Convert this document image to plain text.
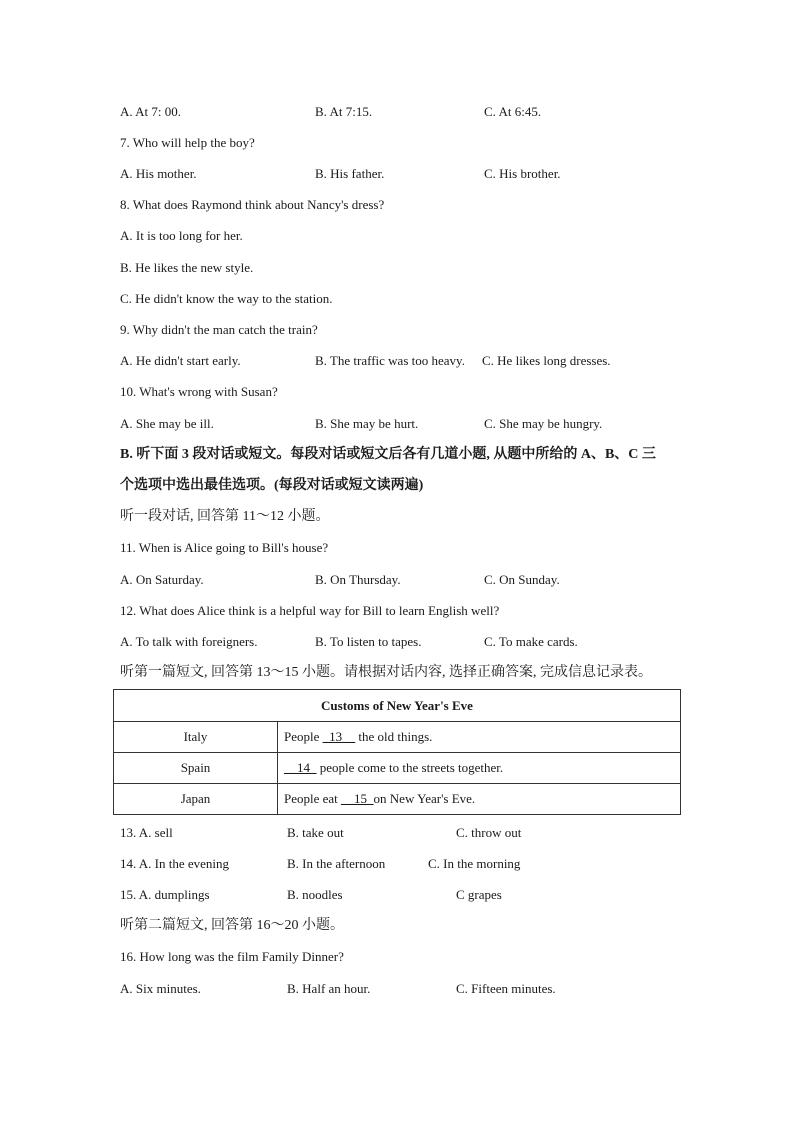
A. At 7: 00.	B. At 7:15.	C. At 6:45.
7. Who will help the boy?
A. His mother.	B. His father.	C. His brother.
8. What does Raymond think about Nancy's dress?
A. It is too long for her.
B. He likes the new style.
C. He didn't know the way to the station.
9. Why didn't the man catch the train?
A. He didn't start early.	B. The traffic was too heavy. C. He likes long dresses.
10. What's wrong with Susan?
A. She may be ill.	B. She may be hurt.	C. She may be hungry.
B. 听下面 3 段对话或短文。每段对话或短文后各有几道小题, 从题中所给的 A、B、C 三
个选项中选出最佳选项。(每段对话或短文读两遍)
听一段对话, 回答第 11～12 小题。
11. When is Alice going to Bill's house?
A. On Saturday.	B. On Thursday.	C. On Sunday.
12. What does Alice think is a helpful way for Bill to learn English well?
A. To talk with foreigners.	B. To listen to tapes.	C. To make cards.
听第一篇短文, 回答第 13～15 小题。请根据对话内容, 选择正确答案, 完成信息记录表。
Customs of New Year's Eve	
Italy	People _13__ the old things.
Spain	__14_ people come to the streets together.
Japan	People eat __15_on New Year's Eve.
13. A. sell	B. take out	C. throw out
14. A. In the evening	B. In the afternoon	C. In the morning
15. A. dumplings	B. noodles	C grapes
听第二篇短文, 回答第 16～20 小题。
16. How long was the film Family Dinner?
A. Six minutes.	B. Half an hour.	C. Fifteen minutes.
